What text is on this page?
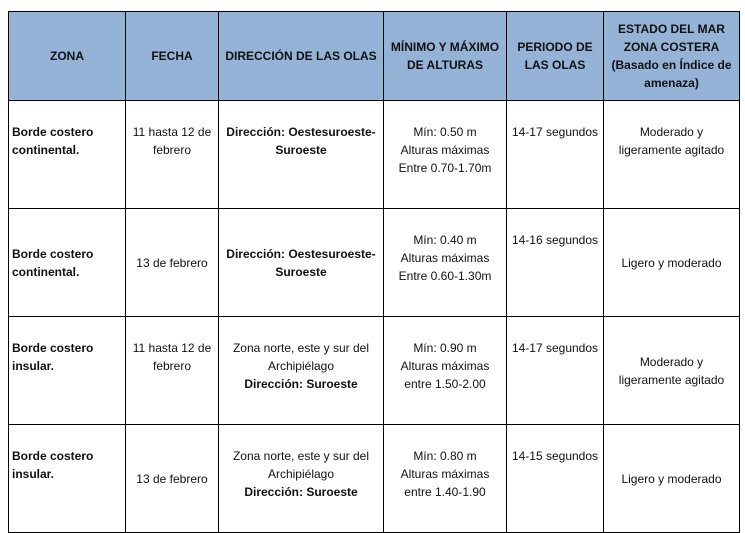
ZONA	FECHA	DIRECCIÓN DE LAS OLAS	MÍNIMO Y MÁXIMO DE ALTURAS	PERIODO DE LAS OLAS	ESTADO DEL MAR ZONA COSTERA
(Basado en Índice de amenaza)

Borde costero continental.	11 hasta 12 de febrero	Dirección: Oestesuroeste-Suroeste	Mín: 0.50 m
Alturas máximas
Entre 0.70-1.70m	14-17 segundos	Moderado y ligeramente agitado
Borde costero continental.	13 de febrero	Dirección: Oestesuroeste-Suroeste	Mín: 0.40 m
Alturas máximas
Entre 0.60-1.30m	14-16 segundos	Ligero y moderado
Borde costero insular.	11 hasta 12 de febrero	Zona norte, este y sur del Archipiélago
Dirección: Suroeste	Mín: 0.90 m
Alturas máximas
entre 1.50-2.00	14-17 segundos	Moderado y ligeramente agitado
Borde costero insular.	13 de febrero	Zona norte, este y sur del Archipiélago
Dirección: Suroeste	Mín: 0.80 m
Alturas máximas
entre 1.40-1.90	14-15 segundos	Ligero y moderado
